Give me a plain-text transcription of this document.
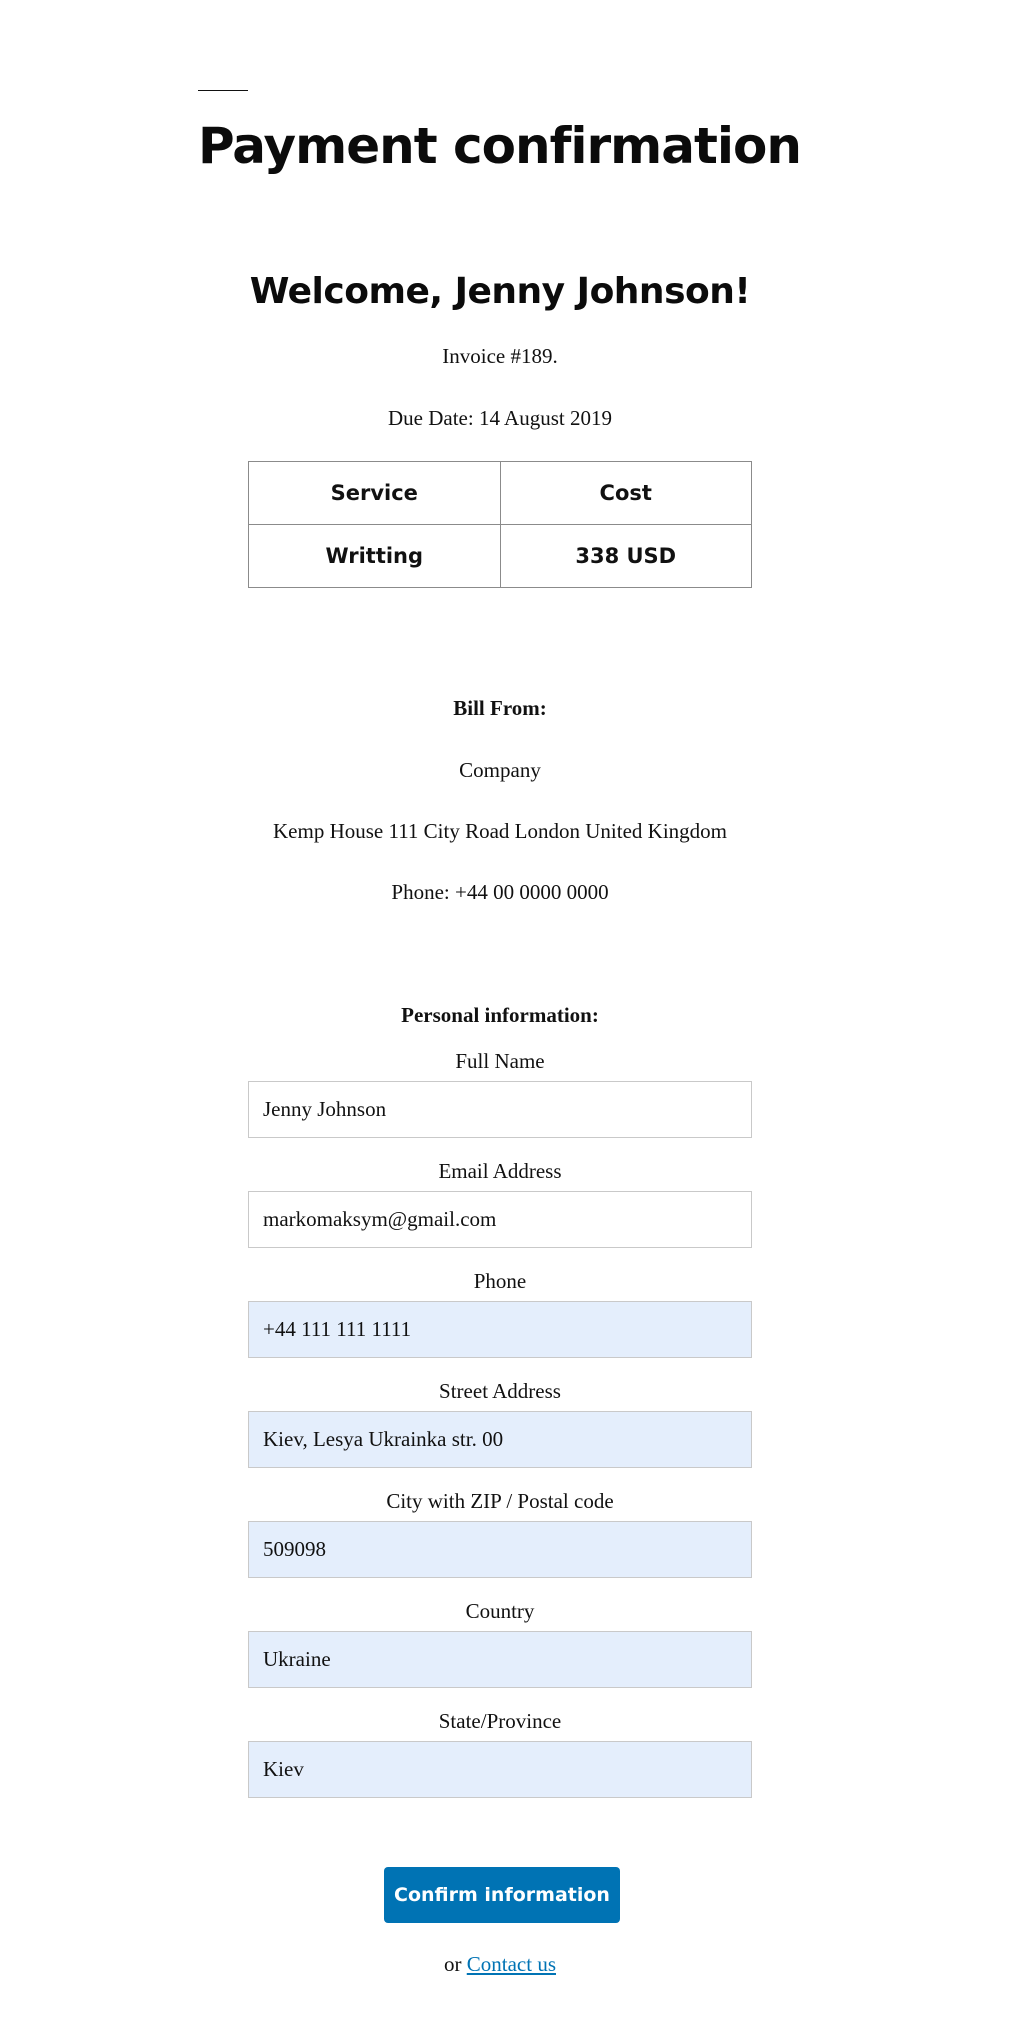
Payment confirmation
Welcome, Jenny Johnson!

Invoice #189.

Due Date: 14 August 2019

Service	Cost
Writting	338 USD

Bill From:

Company

Kemp House 111 City Road London United Kingdom

Phone: +44 00 0000 0000

Personal information:

Full Name
Jenny Johnson
Email Address
markomaksym@gmail.com
Phone
+44 111 111 1111
Street Address
Kiev, Lesya Ukrainka str. 00
City with ZIP / Postal code
509098
Country
Ukraine
State/Province
Kiev
Confirm information

or Contact us
